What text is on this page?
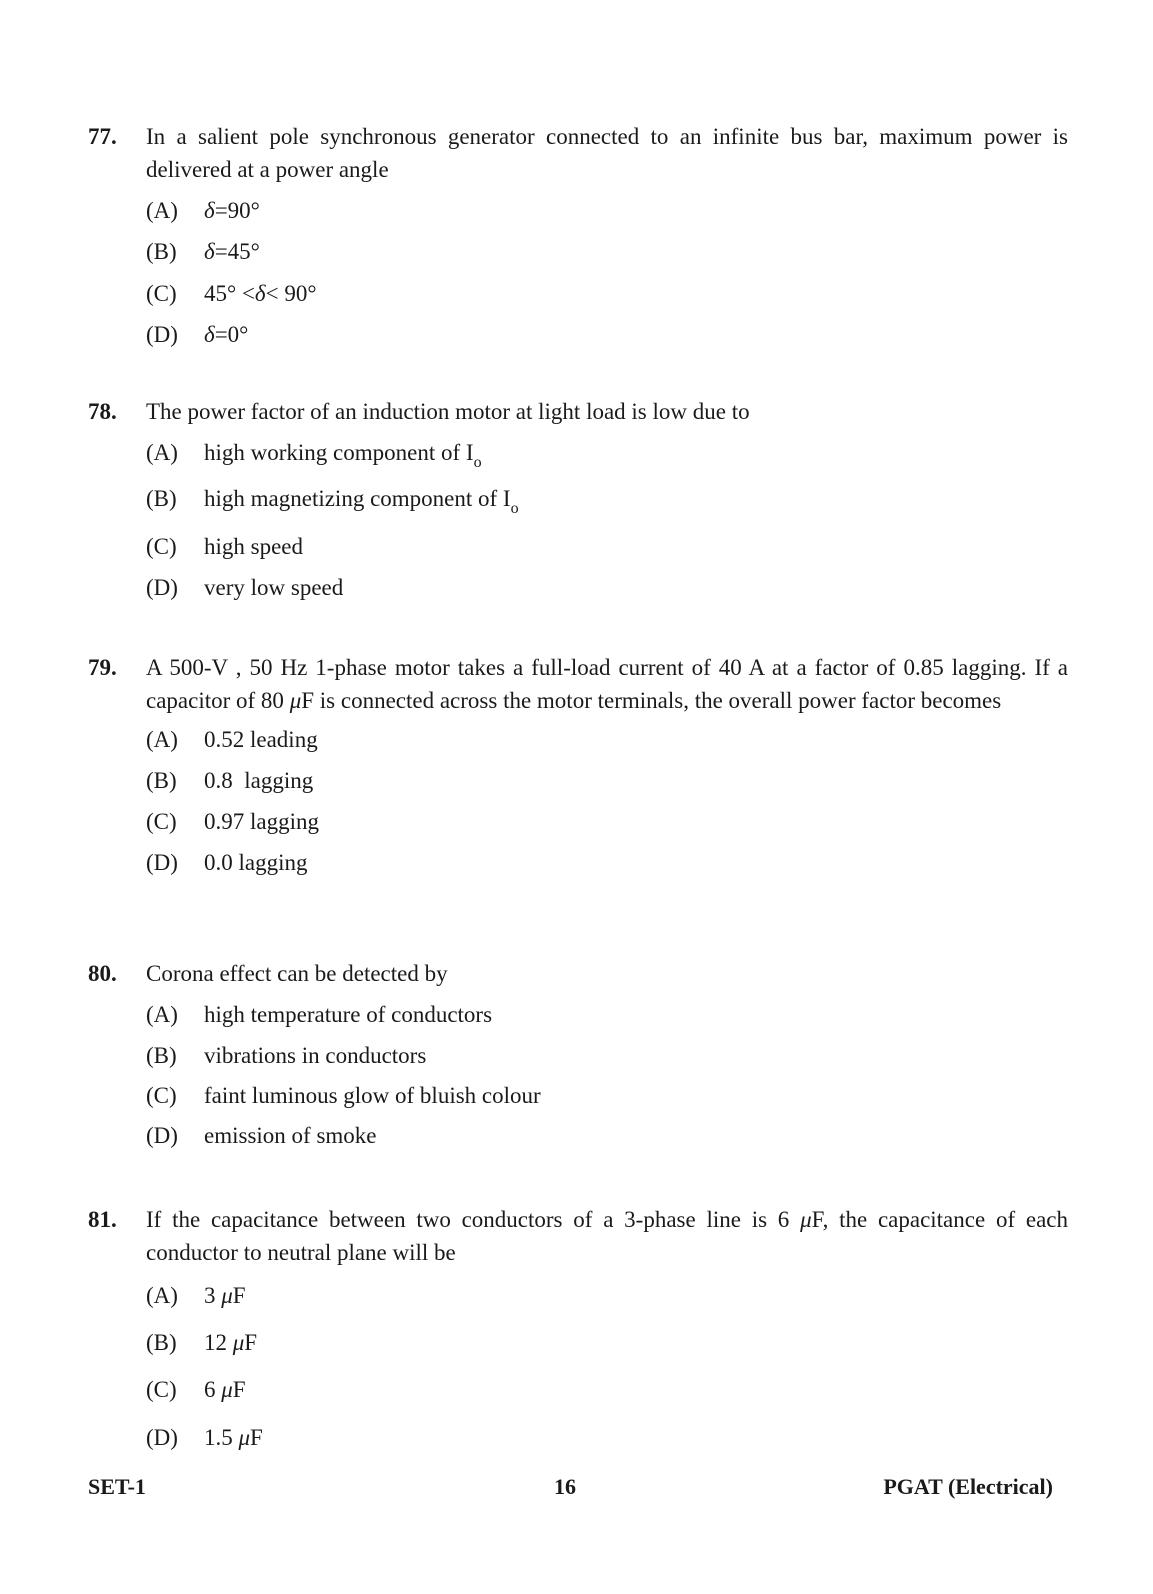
77.	In a salient pole synchronous generator connected to an infinite bus bar, maximum power is delivered at a power angle
(A)	δ=90°
(B)	δ=45°
(C)	45° <δ< 90°
(D)	δ=0°
78.	The power factor of an induction motor at light load is low due to
(A)	high working component of $I_o$
(B)	high magnetizing component of $I_o$
(C)	high speed
(D)	very low speed
79.	A 500-V , 50 Hz 1-phase motor takes a full-load current of 40 A at a factor of 0.85 lagging. If a capacitor of 80 μF is connected across the motor terminals, the overall power factor becomes
(A)	0.52 leading
(B)	0.8  lagging
(C)	0.97 lagging
(D)	0.0 lagging
80.	Corona effect can be detected by
(A)	high temperature of conductors
(B)	vibrations in conductors
(C)	faint luminous glow of bluish colour
(D)	emission of smoke
81.	If the capacitance between two conductors of a 3-phase line is 6 μF, the capacitance of each conductor to neutral plane will be
(A)	3 μF
(B)	12 μF
(C)	6 μF
(D)	1.5 μF
SET-1	16	PGAT (Electrical)
